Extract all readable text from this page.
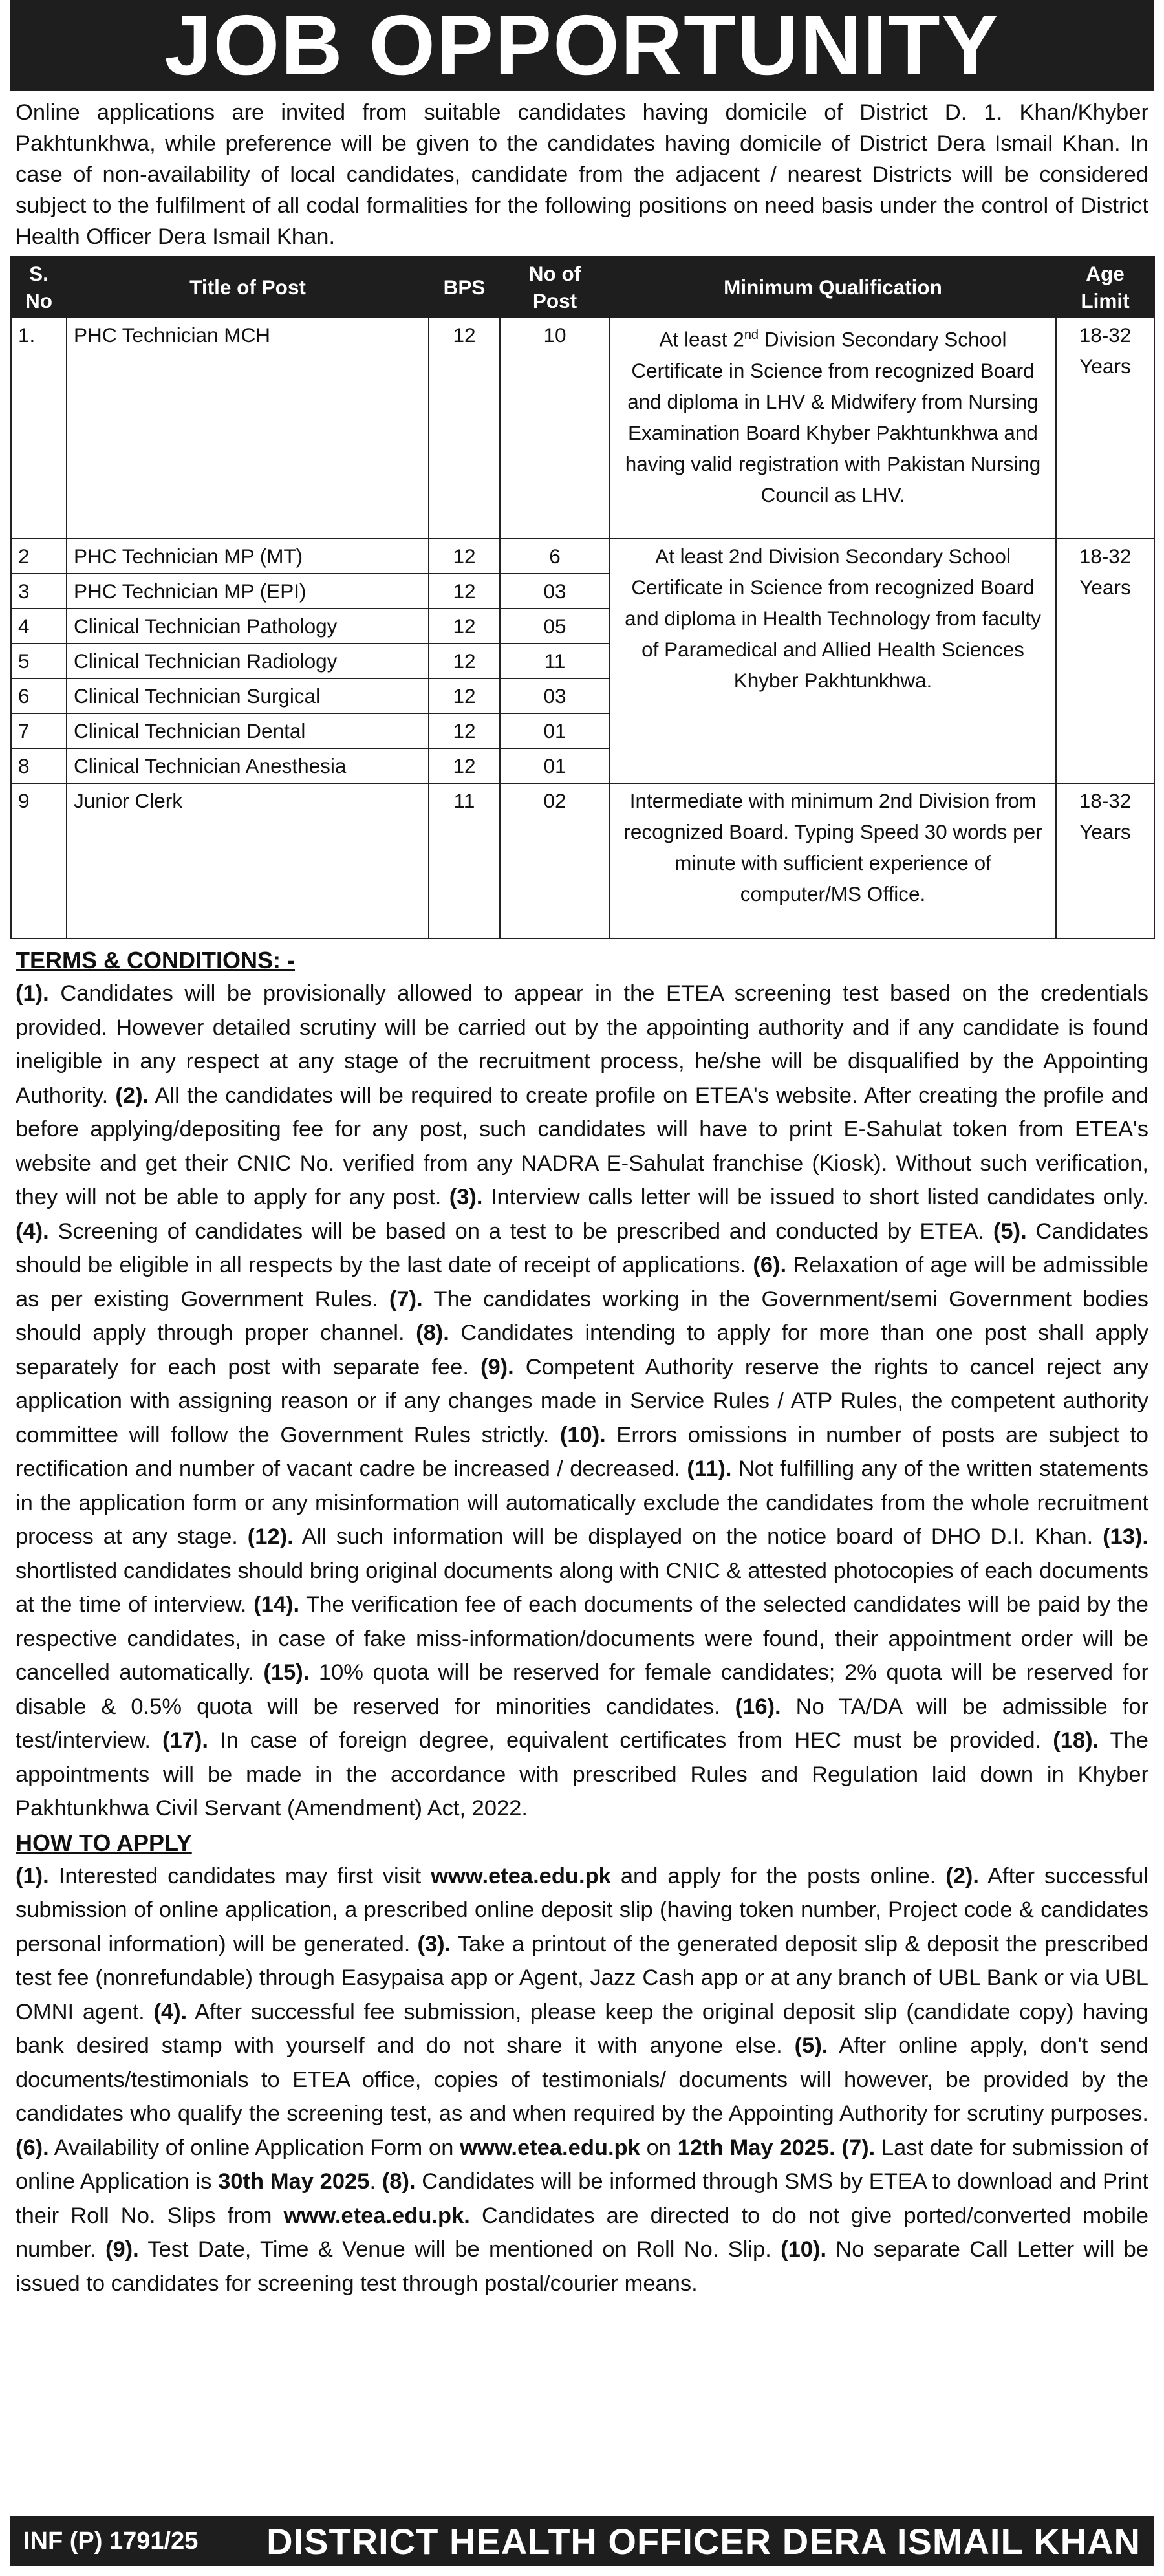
JOB OPPORTUNITY
Online applications are invited from suitable candidates having domicile of District D. 1. Khan/Khyber Pakhtunkhwa, while preference will be given to the candidates having domicile of District Dera Ismail Khan. In case of non-availability of local candidates, candidate from the adjacent / nearest Districts will be considered subject to the fulfilment of all codal formalities for the following positions on need basis under the control of District Health Officer Dera Ismail Khan.
S. No	Title of Post	BPS	No of Post	Minimum Qualification	Age Limit
1.	PHC Technician MCH	12	10	At least 2nd Division Secondary School Certificate in Science from recognized Board and diploma in LHV & Midwifery from Nursing Examination Board Khyber Pakhtunkhwa and having valid registration with Pakistan Nursing Council as LHV.	18-32
Years

2	PHC Technician MP (MT)	12	6	At least 2nd Division Secondary School Certificate in Science from recognized Board and diploma in Health Technology from faculty of Paramedical and Allied Health Sciences Khyber Pakhtunkhwa.	18-32
Years

3	PHC Technician MP (EPI)	12	03		
4	Clinical Technician Pathology	12	05		
5	Clinical Technician Radiology	12	11		
6	Clinical Technician Surgical	12	03		
7	Clinical Technician Dental	12	01		
8	Clinical Technician Anesthesia	12	01		
9	Junior Clerk	11	02	Intermediate with minimum 2nd Division from recognized Board. Typing Speed 30 words per minute with sufficient experience of computer/MS Office.	18-32
Years
TERMS & CONDITIONS: -
(1). Candidates will be provisionally allowed to appear in the ETEA screening test based on the credentials provided. However detailed scrutiny will be carried out by the appointing authority and if any candidate is found ineligible in any respect at any stage of the recruitment process, he/she will be disqualified by the Appointing Authority. (2). All the candidates will be required to create profile on ETEA's website. After creating the profile and before applying/depositing fee for any post, such candidates will have to print E-Sahulat token from ETEA's website and get their CNIC No. verified from any NADRA E-Sahulat franchise (Kiosk). Without such verification, they will not be able to apply for any post. (3). Interview calls letter will be issued to short listed candidates only. (4). Screening of candidates will be based on a test to be prescribed and conducted by ETEA. (5). Candidates should be eligible in all respects by the last date of receipt of applications. (6). Relaxation of age will be admissible as per existing Government Rules. (7). The candidates working in the Government/semi Government bodies should apply through proper channel. (8). Candidates intending to apply for more than one post shall apply separately for each post with separate fee. (9). Competent Authority reserve the rights to cancel reject any application with assigning reason or if any changes made in Service Rules / ATP Rules, the competent authority committee will follow the Government Rules strictly. (10). Errors omissions in number of posts are subject to rectification and number of vacant cadre be increased / decreased. (11). Not fulfilling any of the written statements in the application form or any misinformation will automatically exclude the candidates from the whole recruitment process at any stage. (12). All such information will be displayed on the notice board of DHO D.I. Khan. (13). shortlisted candidates should bring original documents along with CNIC & attested photocopies of each documents at the time of interview. (14). The verification fee of each documents of the selected candidates will be paid by the respective candidates, in case of fake miss-information/documents were found, their appointment order will be cancelled automatically. (15). 10% quota will be reserved for female candidates; 2% quota will be reserved for disable & 0.5% quota will be reserved for minorities candidates. (16). No TA/DA will be admissible for test/interview. (17). In case of foreign degree, equivalent certificates from HEC must be provided. (18). The appointments will be made in the accordance with prescribed Rules and Regulation laid down in Khyber Pakhtunkhwa Civil Servant (Amendment) Act, 2022.
HOW TO APPLY
(1). Interested candidates may first visit www.etea.edu.pk and apply for the posts online. (2). After successful submission of online application, a prescribed online deposit slip (having token number, Project code & candidates personal information) will be generated. (3). Take a printout of the generated deposit slip & deposit the prescribed test fee (nonrefundable) through Easypaisa app or Agent, Jazz Cash app or at any branch of UBL Bank or via UBL OMNI agent. (4). After successful fee submission, please keep the original deposit slip (candidate copy) having bank desired stamp with yourself and do not share it with anyone else. (5). After online apply, don't send documents/testimonials to ETEA office, copies of testimonials/ documents will however, be provided by the candidates who qualify the screening test, as and when required by the Appointing Authority for scrutiny purposes. (6). Availability of online Application Form on www.etea.edu.pk on 12th May 2025. (7). Last date for submission of online Application is 30th May 2025. (8). Candidates will be informed through SMS by ETEA to download and Print their Roll No. Slips from www.etea.edu.pk. Candidates are directed to do not give ported/converted mobile number. (9). Test Date, Time & Venue will be mentioned on Roll No. Slip. (10). No separate Call Letter will be issued to candidates for screening test through postal/courier means.
INF (P) 1791/25 DISTRICT HEALTH OFFICER DERA ISMAIL KHAN
